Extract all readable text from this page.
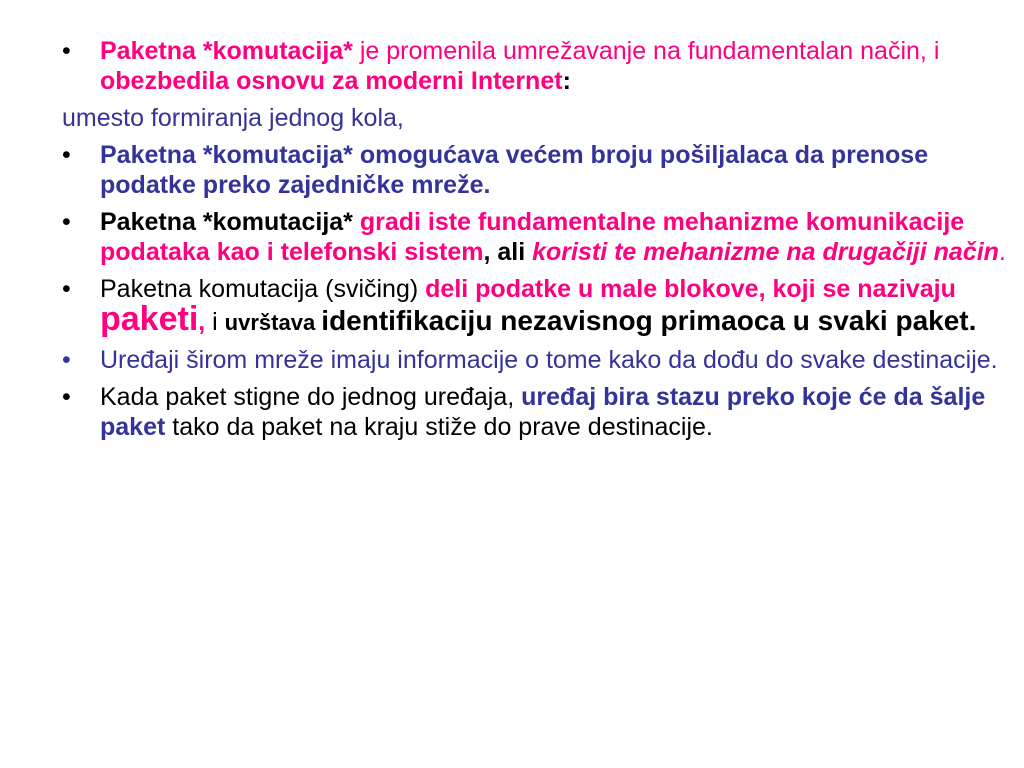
•	Paketna *komutacija* je promenila umrežavanje na fundamentalan način, i obezbedila osnovu za moderni Internet:
umesto formiranja jednog kola,
•	Paketna *komutacija* omogućava većem broju pošiljalaca da prenose podatke preko zajedničke mreže.
•	Paketna *komutacija* gradi iste fundamentalne mehanizme komunikacije podataka kao i telefonski sistem, ali koristi te mehanizme na drugačiji način.
•	Paketna komutacija (svičing) deli podatke u male blokove, koji se nazivaju paketi, i uvrštava identifikaciju nezavisnog primaoca u svaki paket.
•	Uređaji širom mreže imaju informacije o tome kako da dođu do svake destinacije.
•	Kada paket stigne do jednog uređaja, uređaj bira stazu preko koje će da šalje paket tako da paket na kraju stiže do prave destinacije.
